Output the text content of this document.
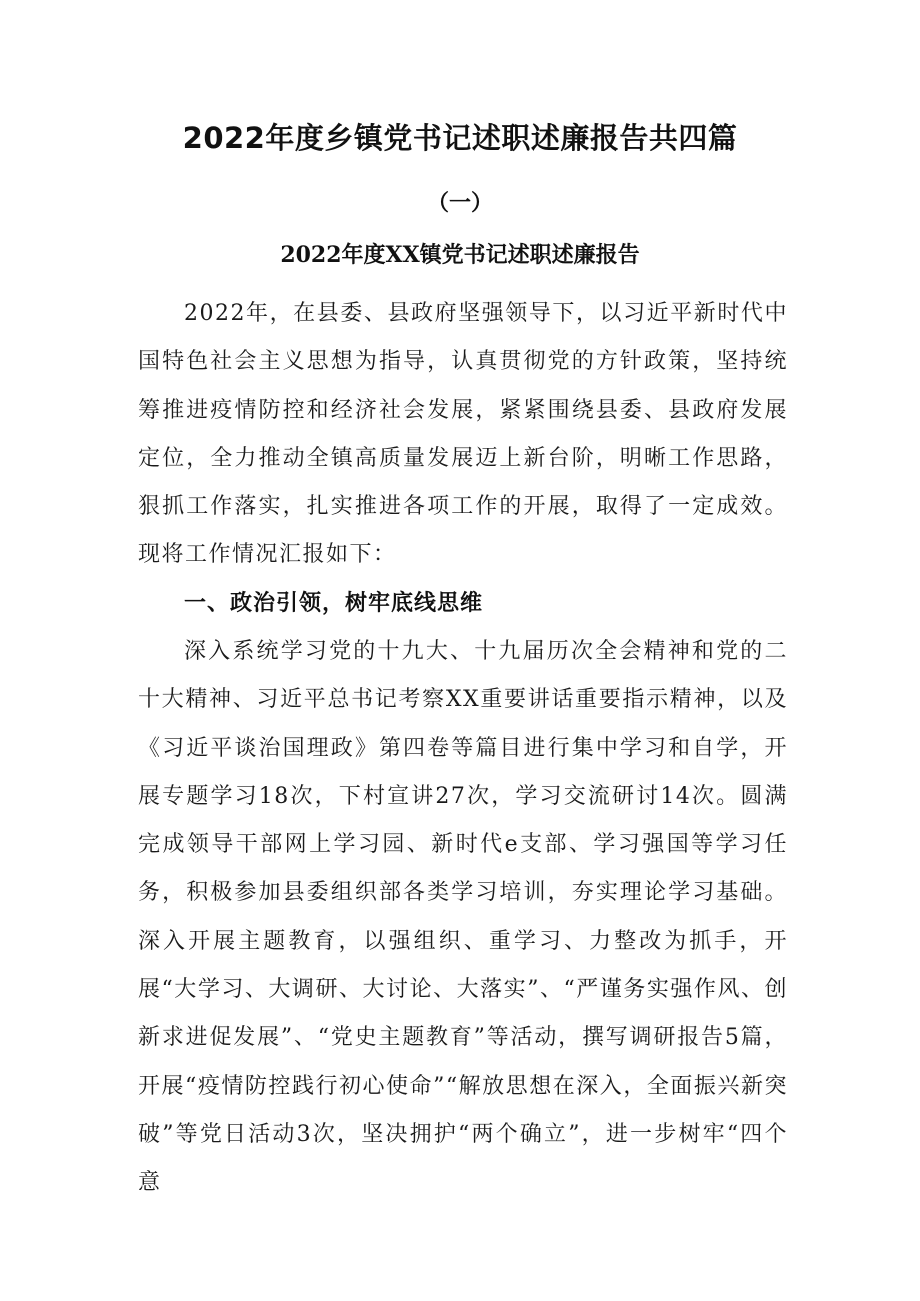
2022年度乡镇党书记述职述廉报告共四篇
（一）
2022年度XX镇党书记述职述廉报告
2022年，在县委、县政府坚强领导下，以习近平新时代中国特色社会主义思想为指导，认真贯彻党的方针政策，坚持统筹推进疫情防控和经济社会发展，紧紧围绕县委、县政府发展定位，全力推动全镇高质量发展迈上新台阶，明晰工作思路，狠抓工作落实，扎实推进各项工作的开展，取得了一定成效。现将工作情况汇报如下：
一、政治引领，树牢底线思维
深入系统学习党的十九大、十九届历次全会精神和党的二十大精神、习近平总书记考察XX重要讲话重要指示精神，以及《习近平谈治国理政》第四卷等篇目进行集中学习和自学，开展专题学习18次，下村宣讲27次，学习交流研讨14次。圆满完成领导干部网上学习园、新时代e支部、学习强国等学习任务，积极参加县委组织部各类学习培训，夯实理论学习基础。深入开展主题教育，以强组织、重学习、力整改为抓手，开展“大学习、大调研、大讨论、大落实”、“严谨务实强作风、创新求进促发展”、“党史主题教育”等活动，撰写调研报告5篇，开展“疫情防控践行初心使命”“解放思想在深入，全面振兴新突破”等党日活动3次，坚决拥护“两个确立”，进一步树牢“四个意
